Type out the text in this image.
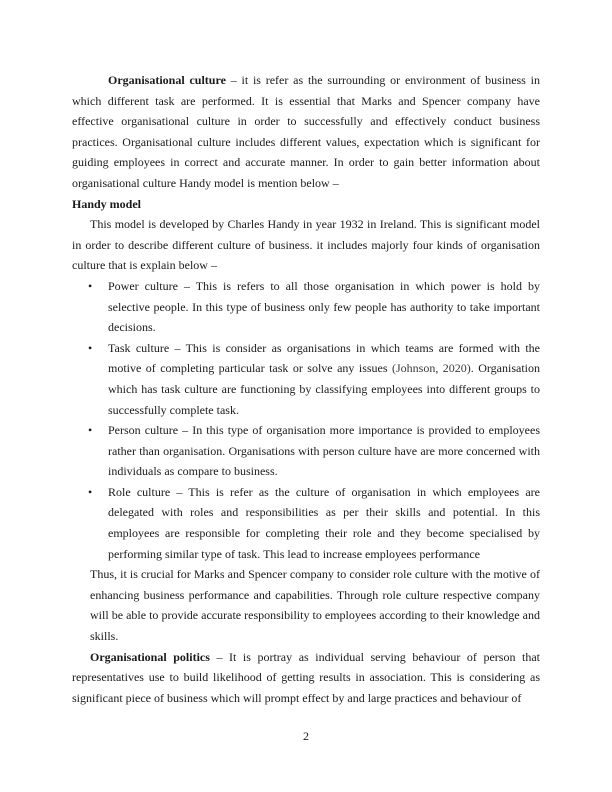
Organisational culture – it is refer as the surrounding or environment of business in which different task are performed. It is essential that Marks and Spencer company have effective organisational culture in order to successfully and effectively conduct business practices. Organisational culture includes different values, expectation which is significant for guiding employees in correct and accurate manner. In order to gain better information about organisational culture Handy model is mention below –

Handy model

This model is developed by Charles Handy in year 1932 in Ireland. This is significant model in order to describe different culture of business. it includes majorly four kinds of organisation culture that is explain below –

• Power culture – This is refers to all those organisation in which power is hold by selective people. In this type of business only few people has authority to take important decisions.

• Task culture – This is consider as organisations in which teams are formed with the motive of completing particular task or solve any issues (Johnson, 2020). Organisation which has task culture are functioning by classifying employees into different groups to successfully complete task.

• Person culture – In this type of organisation more importance is provided to employees rather than organisation. Organisations with person culture have are more concerned with individuals as compare to business.

• Role culture – This is refer as the culture of organisation in which employees are delegated with roles and responsibilities as per their skills and potential. In this employees are responsible for completing their role and they become specialised by performing similar type of task. This lead to increase employees performance

Thus, it is crucial for Marks and Spencer company to consider role culture with the motive of enhancing business performance and capabilities. Through role culture respective company will be able to provide accurate responsibility to employees according to their knowledge and skills.

Organisational politics – It is portray as individual serving behaviour of person that representatives use to build likelihood of getting results in association. This is considering as significant piece of business which will prompt effect by and large practices and behaviour of

2
